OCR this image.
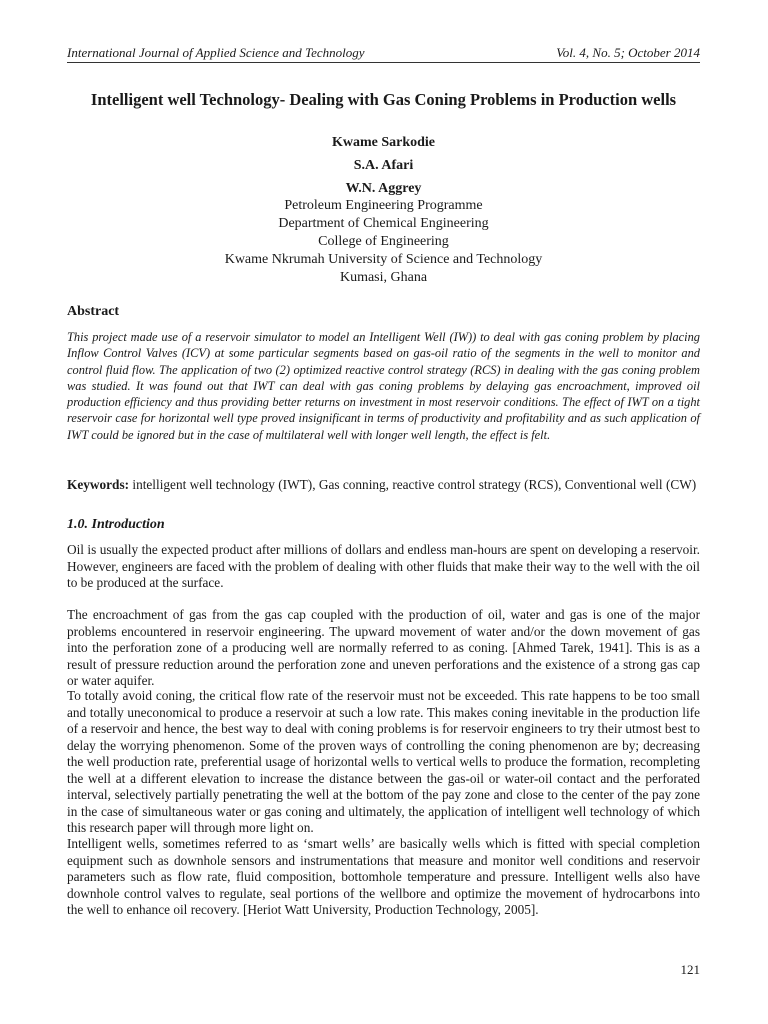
International Journal of Applied Science and Technology	Vol. 4, No. 5; October 2014
Intelligent well Technology- Dealing with Gas Coning Problems in Production wells
Kwame Sarkodie
S.A. Afari
W.N. Aggrey
Petroleum Engineering Programme
Department of Chemical Engineering
College of Engineering
Kwame Nkrumah University of Science and Technology
Kumasi, Ghana
Abstract
This project made use of a reservoir simulator to model an Intelligent Well (IW)) to deal with gas coning problem by placing Inflow Control Valves (ICV) at some particular segments based on gas-oil ratio of the segments in the well to monitor and control fluid flow. The application of two (2) optimized reactive control strategy (RCS) in dealing with the gas coning problem was studied. It was found out that IWT can deal with gas coning problems by delaying gas encroachment, improved oil production efficiency and thus providing better returns on investment in most reservoir conditions. The effect of IWT on a tight reservoir case for horizontal well type proved insignificant in terms of productivity and profitability and as such application of IWT could be ignored but in the case of multilateral well with longer well length, the effect is felt.
Keywords: intelligent well technology (IWT), Gas conning, reactive control strategy (RCS), Conventional well (CW)
1.0. Introduction

Oil is usually the expected product after millions of dollars and endless man-hours are spent on developing a reservoir. However, engineers are faced with the problem of dealing with other fluids that make their way to the well with the oil to be produced at the surface.

The encroachment of gas from the gas cap coupled with the production of oil, water and gas is one of the major problems encountered in reservoir engineering. The upward movement of water and/or the down movement of gas into the perforation zone of a producing well are normally referred to as coning. [Ahmed Tarek, 1941]. This is as a result of pressure reduction around the perforation zone and uneven perforations and the existence of a strong gas cap or water aquifer.

To totally avoid coning, the critical flow rate of the reservoir must not be exceeded. This rate happens to be too small and totally uneconomical to produce a reservoir at such a low rate. This makes coning inevitable in the production life of a reservoir and hence, the best way to deal with coning problems is for reservoir engineers to try their utmost best to delay the worrying phenomenon. Some of the proven ways of controlling the coning phenomenon are by; decreasing the well production rate, preferential usage of horizontal wells to vertical wells to produce the formation, recompleting the well at a different elevation to increase the distance between the gas-oil or water-oil contact and the perforated interval, selectively partially penetrating the well at the bottom of the pay zone and close to the center of the pay zone in the case of simultaneous water or gas coning and ultimately, the application of intelligent well technology of which this research paper will through more light on.

Intelligent wells, sometimes referred to as ‘smart wells’ are basically wells which is fitted with special completion equipment such as downhole sensors and instrumentations that measure and monitor well conditions and reservoir parameters such as flow rate, fluid composition, bottomhole temperature and pressure. Intelligent wells also have downhole control valves to regulate, seal portions of the wellbore and optimize the movement of hydrocarbons into the well to enhance oil recovery. [Heriot Watt University, Production Technology, 2005].

121
